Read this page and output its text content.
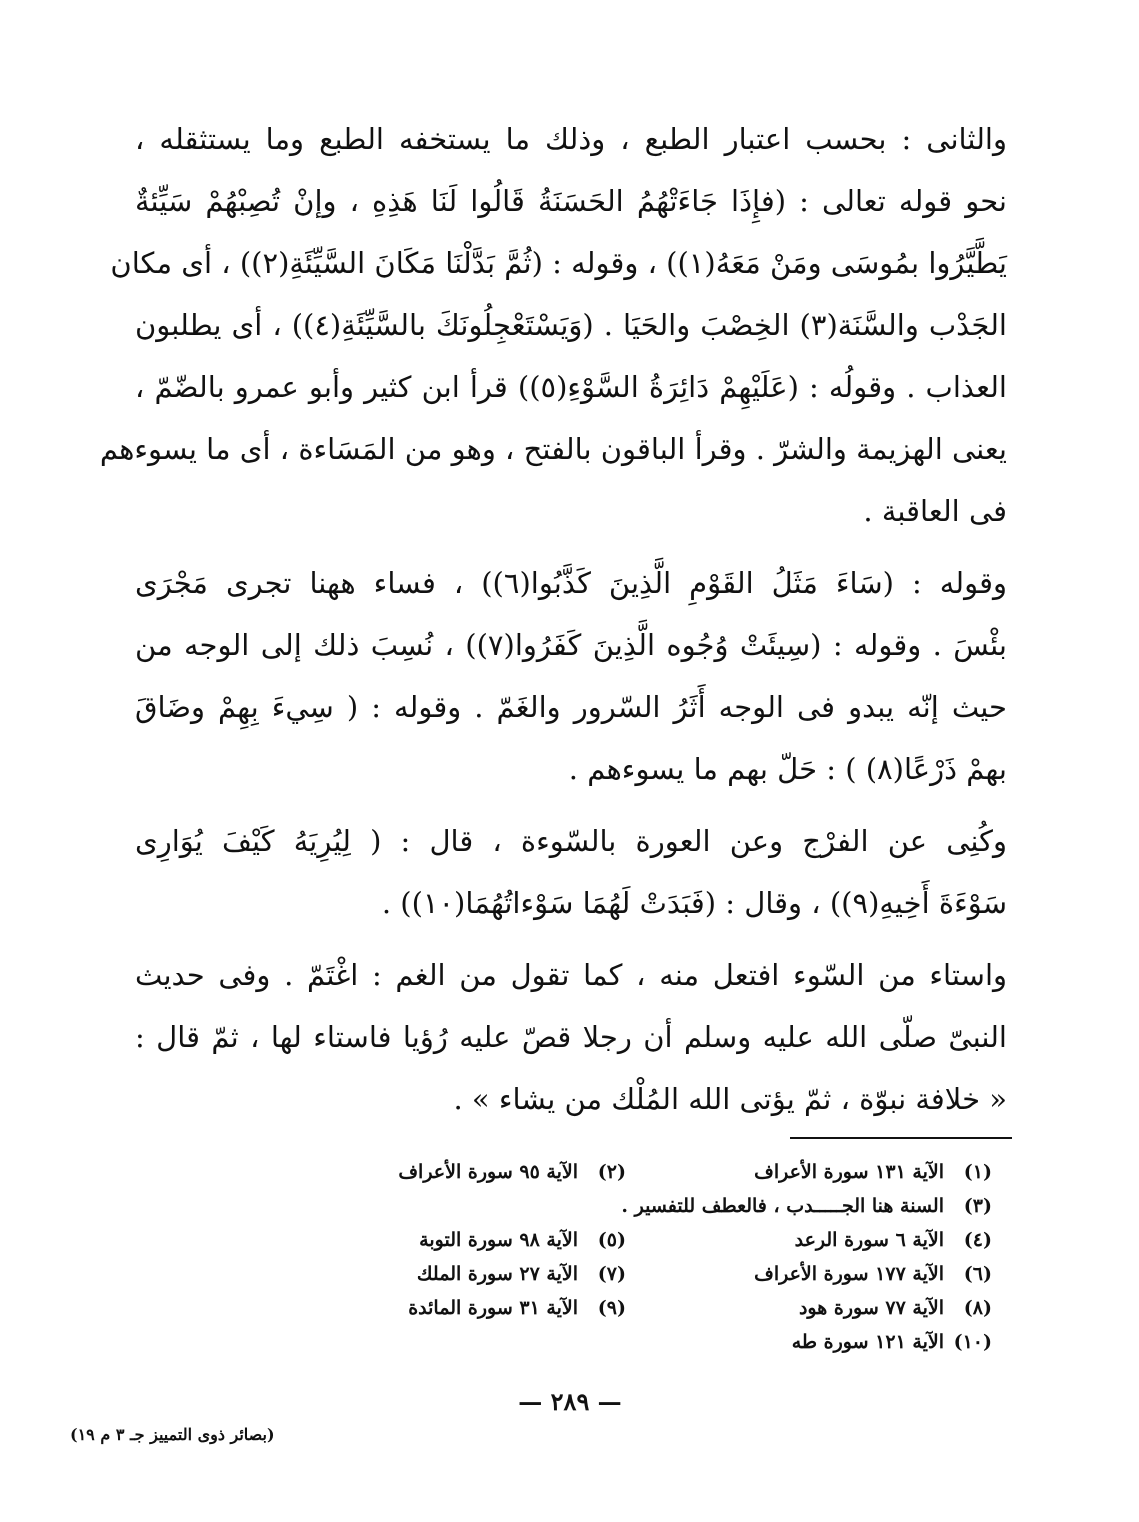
والثانى : بحسب اعتبار الطبع ، وذلك ما يستخفه الطبع وما يستثقله ،
نحو قوله تعالى : (فإِذَا جَاءَتْهُمُ الحَسَنَةُ قَالُوا لَنَا هَذِهِ ، وإنْ تُصِبْهُمْ سَيِّئةٌ
يَطَّيَّرُوا بمُوسَى ومَنْ مَعَهُ(١)) ، وقوله : (ثُمَّ بَدَّلْنَا مَكَانَ السَّيِّئَةِ(٢)) ، أى مكان
الجَدْب والسَّنَة(٣) الخِصْبَ والحَيَا . (وَيَسْتَعْجِلُونَكَ بالسَّيِّئَةِ(٤)) ، أى يطلبون
العذاب . وقولُه : (عَلَيْهِمْ دَائِرَةُ السَّوْءِ(٥)) قرأ ابن كثير وأبو عمرو بالضّمّ ،
يعنى الهزيمة والشرّ . وقرأ الباقون بالفتح ، وهو من المَسَاءة ، أى ما يسوءهم
فى العاقبة .
وقوله : (سَاءَ مَثَلُ القَوْمِ الَّذِينَ كَذَّبُوا(٦)) ، فساء ههنا تجرى مَجْرَى
بئْسَ . وقوله : (سِيئَتْ وُجُوه الَّذِينَ كَفَرُوا(٧)) ، نُسِبَ ذلك إلى الوجه من
حيث إنّه يبدو فى الوجه أَثَرُ السّرور والغَمّ . وقوله : ( سِيءَ بِهِمْ وضَاقَ
بهمْ ذَرْعًا(٨) ) : حَلّ بهم ما يسوءهم .
وكُنِى عن الفرْج وعن العورة بالسّوءة ، قال : ( لِيُرِيَهُ كَيْفَ يُوَارِى
سَوْءَةَ أَخِيهِ(٩)) ، وقال : (فَبَدَتْ لَهُمَا سَوْءاتُهُمَا(١٠)) .
واستاء من السّوء افتعل منه ، كما تقول من الغم : اغْتَمّ . وفى حديث
النبىّ صلّى الله عليه وسلم أن رجلا قصّ عليه رُؤيا فاستاء لها ، ثمّ قال :
« خلافة نبوّة ، ثمّ يؤتى الله المُلْك من يشاء » .
(١)
الآية ١٣١ سورة الأعراف
(٢)
الآية ٩٥ سورة الأعراف
(٣)
السنة هنا الجـــــدب ، فالعطف للتفسير .
(٤)
الآية ٦ سورة الرعد
(٥)
الآية ٩٨ سورة التوبة
(٦)
الآية ١٧٧ سورة الأعراف
(٧)
الآية ٢٧ سورة الملك
(٨)
الآية ٧٧ سورة هود
(٩)
الآية ٣١ سورة المائدة
(١٠)
الآية ١٢١ سورة طه
— ٢٨٩ —
(بصائر ذوى التمييز جـ ٣ م ١٩)
